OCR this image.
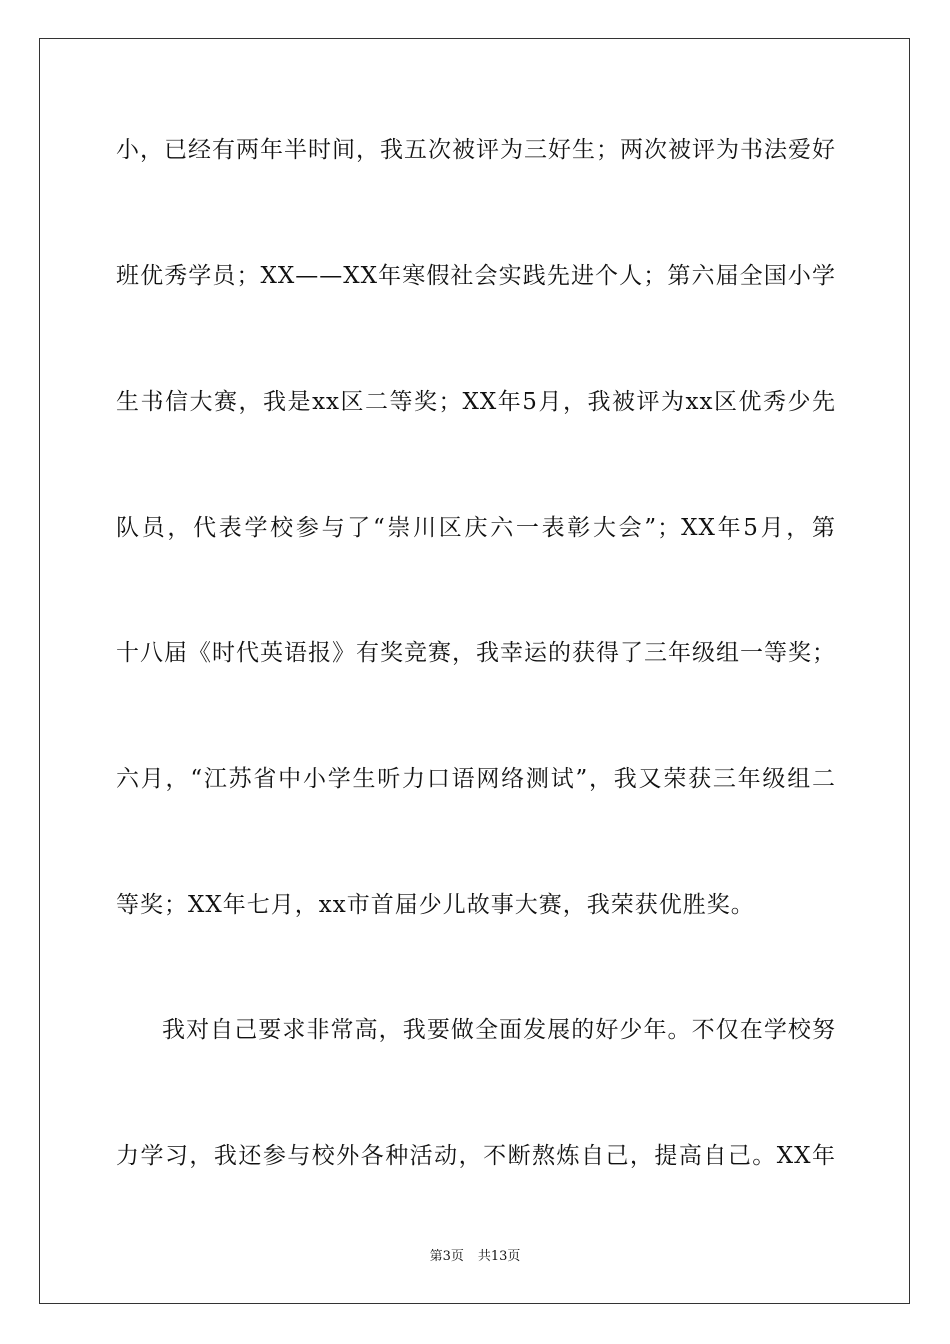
小，已经有两年半时间，我五次被评为三好生；两次被评为书法爱好

班优秀学员；XX——XX年寒假社会实践先进个人；第六届全国小学

生书信大赛，我是xx区二等奖；XX年5月，我被评为xx区优秀少先

队员，代表学校参与了“崇川区庆六一表彰大会”；XX年5月，第

十八届《时代英语报》有奖竞赛，我幸运的获得了三年级组一等奖；

六月，“江苏省中小学生听力口语网络测试”，我又荣获三年级组二

等奖；XX年七月，xx市首届少儿故事大赛，我荣获优胜奖。

我对自己要求非常高，我要做全面发展的好少年。不仅在学校努

力学习，我还参与校外各种活动，不断熬炼自己，提高自己。XX年

第3页 共13页
